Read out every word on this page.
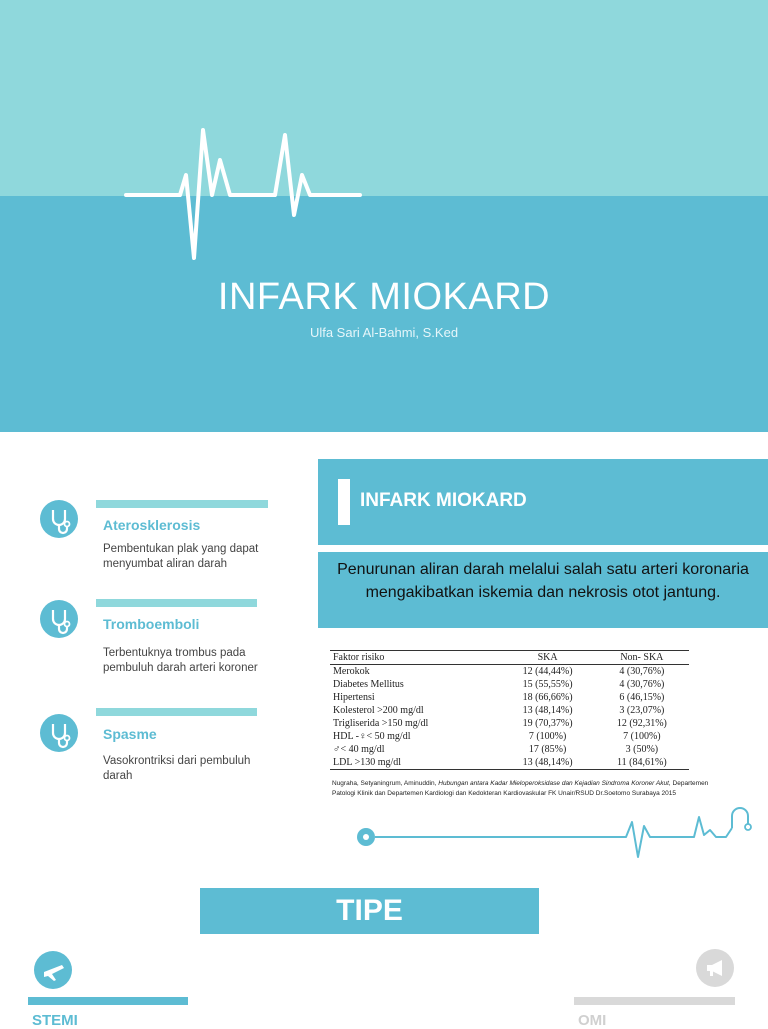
INFARK MIOKARD
Ulfa Sari Al-Bahmi, S.Ked
Aterosklerosis
Pembentukan plak yang dapat menyumbat aliran darah
Tromboemboli
Terbentuknya trombus pada pembuluh darah arteri koroner
Spasme
Vasokrontriksi dari pembuluh darah
INFARK MIOKARD
Penurunan aliran darah melalui salah satu arteri koronaria mengakibatkan iskemia dan nekrosis otot jantung.
Faktor risiko	SKA	Non- SKA
Merokok	12 (44,44%)	4 (30,76%)
Diabetes Mellitus	15 (55,55%)	4 (30,76%)
Hipertensi	18 (66,66%)	6 (46,15%)
Kolesterol >200 mg/dl	13 (48,14%)	3 (23,07%)
Trigliserida >150 mg/dl	19 (70,37%)	12 (92,31%)
HDL -♀< 50 mg/dl	7 (100%)	7 (100%)
♂< 40 mg/dl	17 (85%)	3 (50%)
LDL >130 mg/dl	13 (48,14%)	11 (84,61%)
Nugraha, Setyaningrum, Aminuddin, Hubungan antara Kadar Mieloperoksidase dan Kejadian Sindroma Koroner Akut, Departemen Patologi Klinik dan Departemen Kardiologi dan Kedokteran Kardiovaskular FK Unair/RSUD Dr.Soetomo Surabaya 2015
TIPE
STEMI	OMI
